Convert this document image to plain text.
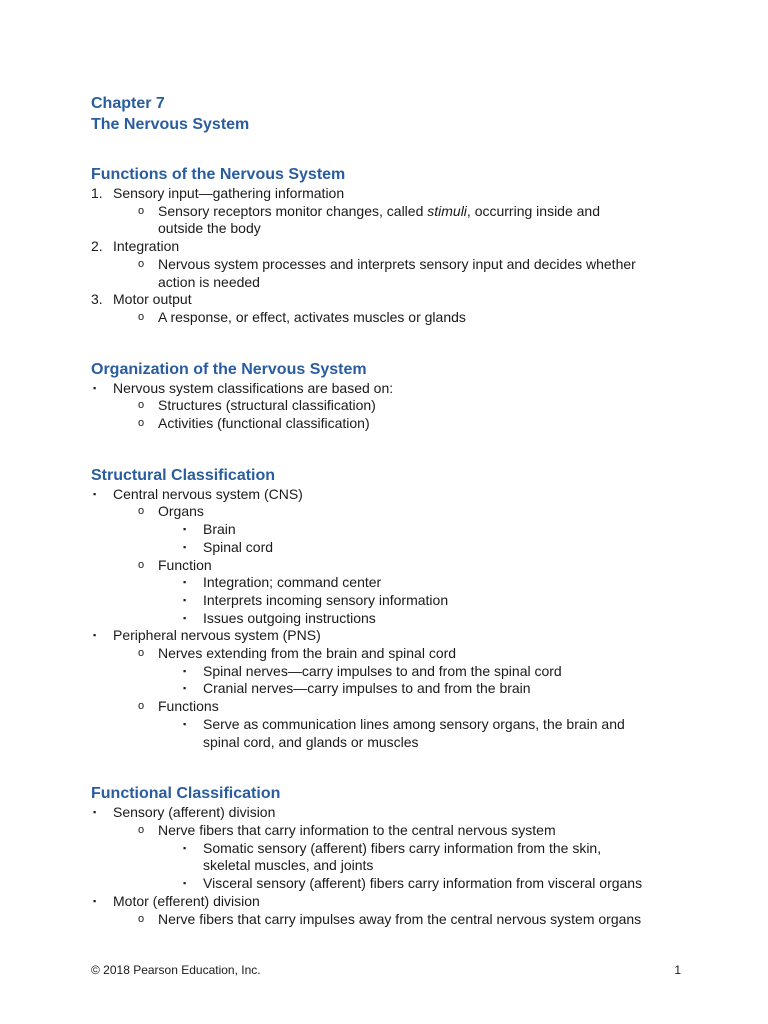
Chapter 7
The Nervous System
Functions of the Nervous System
1. Sensory input—gathering information
o Sensory receptors monitor changes, called stimuli, occurring inside and
outside the body
2. Integration
o Nervous system processes and interprets sensory input and decides whether
action is needed
3. Motor output
o A response, or effect, activates muscles or glands
Organization of the Nervous System
▪	Nervous system classifications are based on:
o Structures (structural classification)
o Activities (functional classification)
Structural Classification
▪	Central nervous system (CNS)
o Organs
▪	Brain
▪	Spinal cord
o Function
▪	Integration; command center
▪	Interprets incoming sensory information
▪	Issues outgoing instructions
▪	Peripheral nervous system (PNS)
o Nerves extending from the brain and spinal cord
▪	Spinal nerves—carry impulses to and from the spinal cord
▪	Cranial nerves—carry impulses to and from the brain
o Functions
▪	Serve as communication lines among sensory organs, the brain and
spinal cord, and glands or muscles
Functional Classification
▪	Sensory (afferent) division
o Nerve fibers that carry information to the central nervous system
▪	Somatic sensory (afferent) fibers carry information from the skin,
skeletal muscles, and joints
▪	Visceral sensory (afferent) fibers carry information from visceral organs
▪	Motor (efferent) division
o Nerve fibers that carry impulses away from the central nervous system organs
© 2018 Pearson Education, Inc.	1
